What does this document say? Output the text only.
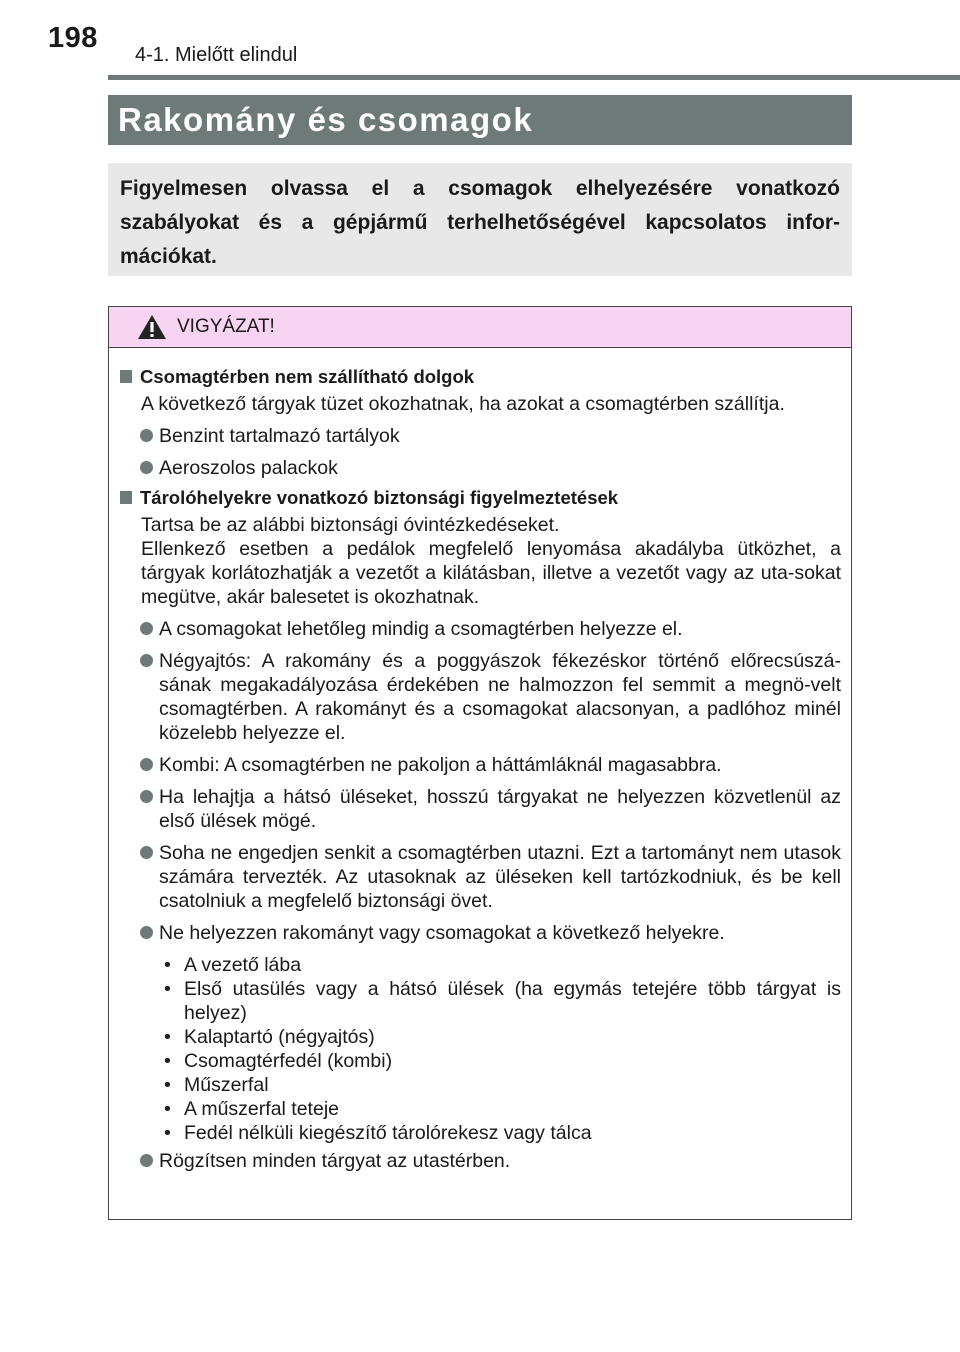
198
4-1. Mielőtt elindul
Rakomány és csomagok
Figyelmesen olvassa el a csomagok elhelyezésére vonatkozó szabályokat és a gépjármű terhelhetőségével kapcsolatos infor-mációkat.
VIGYÁZAT!
Csomagtérben nem szállítható dolgok
A következő tárgyak tüzet okozhatnak, ha azokat a csomagtérben szállítja.
Benzint tartalmazó tartályok
Aeroszolos palackok
Tárolóhelyekre vonatkozó biztonsági figyelmeztetések
Tartsa be az alábbi biztonsági óvintézkedéseket.
Ellenkező esetben a pedálok megfelelő lenyomása akadályba ütközhet, a tárgyak korlátozhatják a vezetőt a kilátásban, illetve a vezetőt vagy az uta-sokat megütve, akár balesetet is okozhatnak.
A csomagokat lehetőleg mindig a csomagtérben helyezze el.
Négyajtós: A rakomány és a poggyászok fékezéskor történő előrecsúszá-sának megakadályozása érdekében ne halmozzon fel semmit a megnö-velt csomagtérben. A rakományt és a csomagokat alacsonyan, a padlóhoz minél közelebb helyezze el.
Kombi: A csomagtérben ne pakoljon a háttámláknál magasabbra.
Ha lehajtja a hátsó üléseket, hosszú tárgyakat ne helyezzen közvetlenül az első ülések mögé.
Soha ne engedjen senkit a csomagtérben utazni. Ezt a tartományt nem utasok számára tervezték. Az utasoknak az üléseken kell tartózkodniuk, és be kell csatolniuk a megfelelő biztonsági övet.
Ne helyezzen rakományt vagy csomagokat a következő helyekre.
• A vezető lába
• Első utasülés vagy a hátsó ülések (ha egymás tetejére több tárgyat is helyez)
• Kalaptartó (négyajtós)
• Csomagtérfedél (kombi)
• Műszerfal
• A műszerfal teteje
• Fedél nélküli kiegészítő tárolórekesz vagy tálca
Rögzítsen minden tárgyat az utastérben.
